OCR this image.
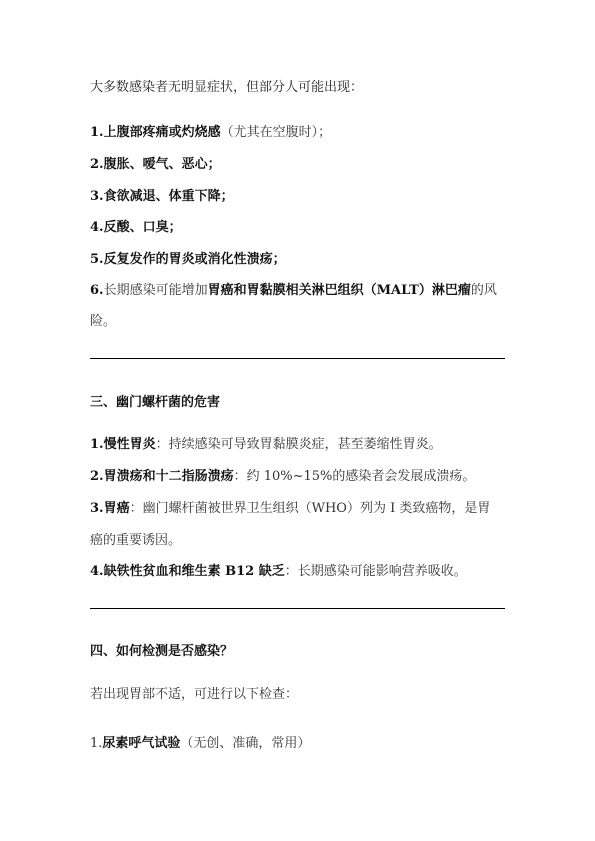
大多数感染者无明显症状，但部分人可能出现：
1.上腹部疼痛或灼烧感（尤其在空腹时）；
2.腹胀、嗳气、恶心；
3.食欲减退、体重下降；
4.反酸、口臭；
5.反复发作的胃炎或消化性溃疡；
6.长期感染可能增加胃癌和胃黏膜相关淋巴组织（MALT）淋巴瘤的风
险。
三、幽门螺杆菌的危害
1.慢性胃炎：持续感染可导致胃黏膜炎症，甚至萎缩性胃炎。
2.胃溃疡和十二指肠溃疡：约 10%~15%的感染者会发展成溃疡。
3.胃癌：幽门螺杆菌被世界卫生组织（WHO）列为 I 类致癌物，是胃
癌的重要诱因。
4.缺铁性贫血和维生素 B12 缺乏：长期感染可能影响营养吸收。
四、如何检测是否感染？
若出现胃部不适，可进行以下检查：
1.尿素呼气试验（无创、准确，常用）
